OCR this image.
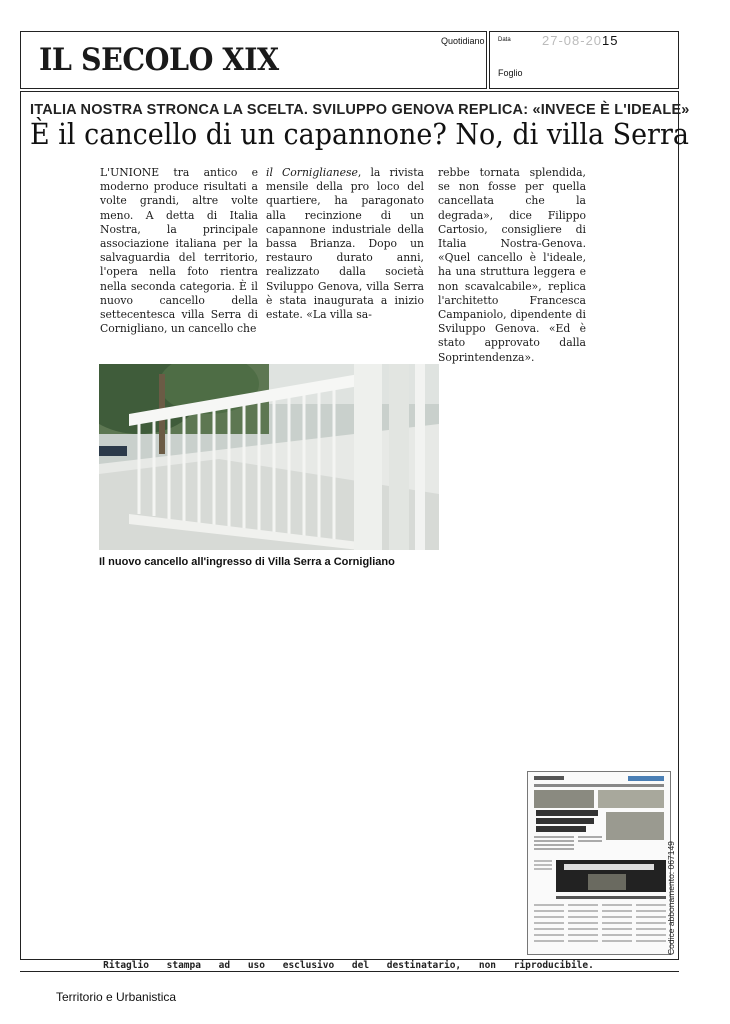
IL SECOLO XIX
Quotidiano Data 27-08-2015
Foglio
ITALIA NOSTRA STRONCA LA SCELTA. SVILUPPO GENOVA REPLICA: «INVECE È L'IDEALE»
È il cancello di un capannone? No, di villa Serra
L'UNIONE tra antico e moderno produce risultati a volte grandi, altre volte meno. A detta di Italia Nostra, la principale associazione italiana per la salvaguardia del territorio, l'opera nella foto rientra nella seconda categoria. È il nuovo cancello della settecentesca villa Serra di Cornigliano, un cancello che
il Corniglianese, la rivista mensile della pro loco del quartiere, ha paragonato alla recinzione di un capannone industriale della bassa Brianza. Dopo un restauro durato anni, realizzato dalla società Sviluppo Genova, villa Serra è stata inaugurata a inizio estate. «La villa sa-
rebbe tornata splendida, se non fosse per quella cancellata che la degrada», dice Filippo Cartosio, consigliere di Italia Nostra-Genova. «Quel cancello è l'ideale, ha una struttura leggera e non scavalcabile», replica l'architetto Francesca Campaniolo, dipendente di Sviluppo Genova. «Ed è stato approvato dalla Soprintendenza».
Il nuovo cancello all'ingresso di Villa Serra a Cornigliano
Codice abbonamento: 067149
Ritaglio stampa ad uso esclusivo del destinatario, non riproducibile.
Territorio e Urbanistica
